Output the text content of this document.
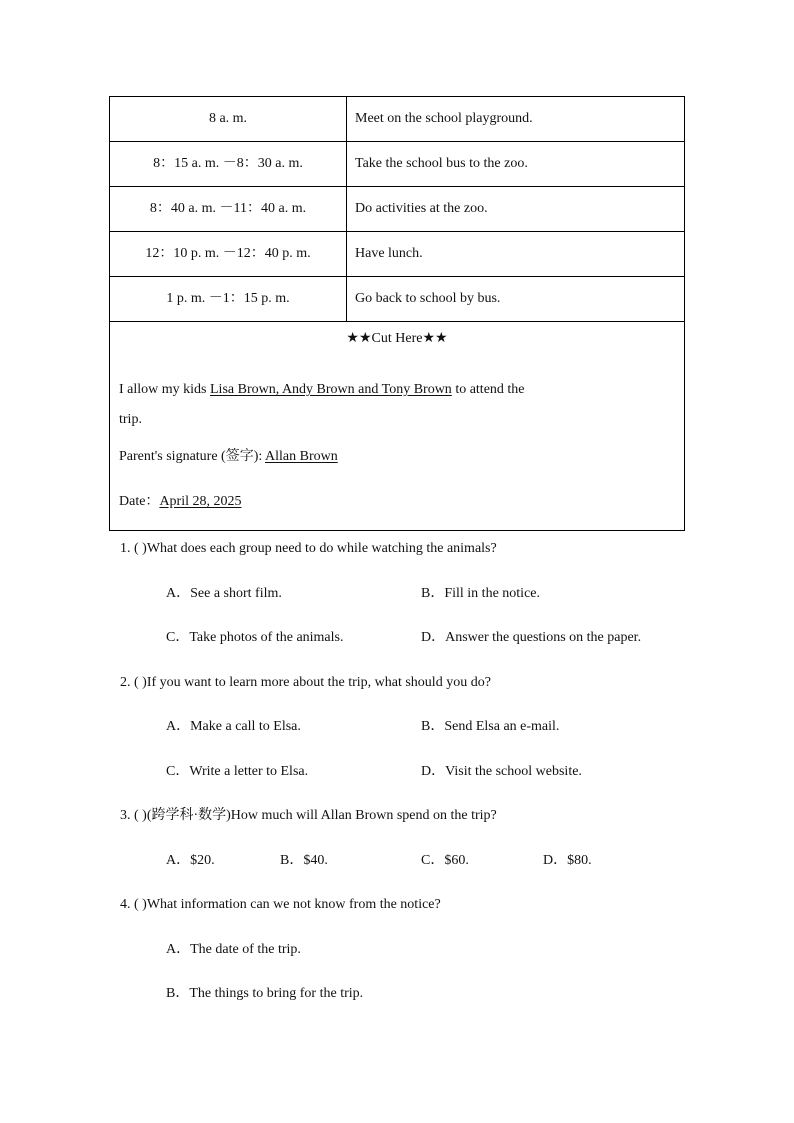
8 a. m.	Meet on the school playground.
8：15 a. m. －8：30 a. m.	Take the school bus to the zoo.
8：40 a. m. －11：40 a. m.	Do activities at the zoo.
12：10 p. m. －12：40 p. m.	Have lunch.
1 p. m. －1：15 p. m.	Go back to school by bus.

★★Cut Here★★
I allow my kids Lisa Brown, Andy Brown and Tony Brown to attend the
trip.
Parent's signature (签字): Allan Brown
Date：April 28, 2025	
1. ( )What does each group need to do while watching the animals?
A．See a short film.	B．Fill in the notice.
C．Take photos of the animals.	D．Answer the questions on the paper.
2. ( )If you want to learn more about the trip, what should you do?
A．Make a call to Elsa.	B．Send Elsa an e-mail.
C．Write a letter to Elsa.	D．Visit the school website.
3. ( )(跨学科·数学)How much will Allan Brown spend on the trip?
A．$20.	B．$40.	C．$60.	D．$80.
4. ( )What information can we not know from the notice?
A．The date of the trip.
B．The things to bring for the trip.
